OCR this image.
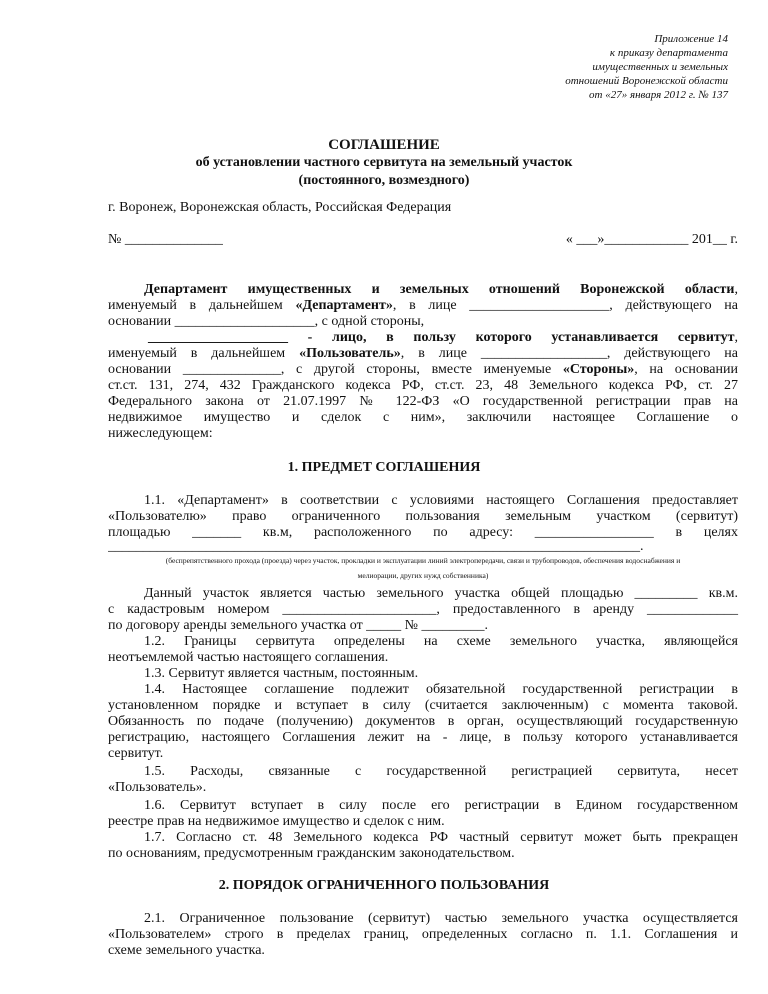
Приложение 14
к приказу департамента
имущественных и земельных
отношений Воронежской области
от «27» января 2012 г. № 137
СОГЛАШЕНИЕ
об установлении частного сервитута на земельный участок
(постоянного, возмездного)
г. Воронеж, Воронежская область, Российская Федерация
№ ______________	« ___»____________ 201__ г.
Департамент имущественных и земельных отношений Воронежской области,
именуемый в дальнейшем «Департамент», в лице ____________________, действующего на
основании ____________________, с одной стороны,
____________________ - лицо, в пользу которого устанавливается сервитут,
именуемый в дальнейшем «Пользователь», в лице __________________, действующего на
основании ______________, с другой стороны, вместе именуемые «Стороны», на основании
ст.ст. 131, 274, 432 Гражданского кодекса РФ, ст.ст. 23, 48 Земельного кодекса РФ, ст. 27
Федерального закона от 21.07.1997 № 122-ФЗ «О государственной регистрации прав на
недвижимое имущество и сделок с ним», заключили настоящее Соглашение о
нижеследующем:
1. ПРЕДМЕТ СОГЛАШЕНИЯ
1.1. «Департамент» в соответствии с условиями настоящего Соглашения предоставляет
«Пользователю» право ограниченного пользования земельным участком (сервитут)
площадью _______ кв.м, расположенного по адресу: _________________ в целях
____________________________________________________________________________.
(беспрепятственного прохода (проезда) через участок, прокладки и эксплуатации линий электропередачи, связи и трубопроводов, обеспечения водоснабжения и
мелиорации, других нужд собственника)
Данный участок является частью земельного участка общей площадью _________ кв.м.
с кадастровым номером ______________________, предоставленного в аренду _____________
по договору аренды земельного участка от _____ № _________.
1.2. Границы сервитута определены на схеме земельного участка, являющейся
неотъемлемой частью настоящего соглашения.
1.3. Сервитут является частным, постоянным.
1.4. Настоящее соглашение подлежит обязательной государственной регистрации в
установленном порядке и вступает в силу (считается заключенным) с момента таковой.
Обязанность по подаче (получению) документов в орган, осуществляющий государственную
регистрацию, настоящего Соглашения лежит на - лице, в пользу которого устанавливается
сервитут.
1.5. Расходы, связанные с государственной регистрацией сервитута, несет
«Пользователь».
1.6. Сервитут вступает в силу после его регистрации в Едином государственном
реестре прав на недвижимое имущество и сделок с ним.
1.7. Согласно ст. 48 Земельного кодекса РФ частный сервитут может быть прекращен
по основаниям, предусмотренным гражданским законодательством.
2. ПОРЯДОК ОГРАНИЧЕННОГО ПОЛЬЗОВАНИЯ
2.1. Ограниченное пользование (сервитут) частью земельного участка осуществляется
«Пользователем» строго в пределах границ, определенных согласно п. 1.1. Соглашения и
схеме земельного участка.
